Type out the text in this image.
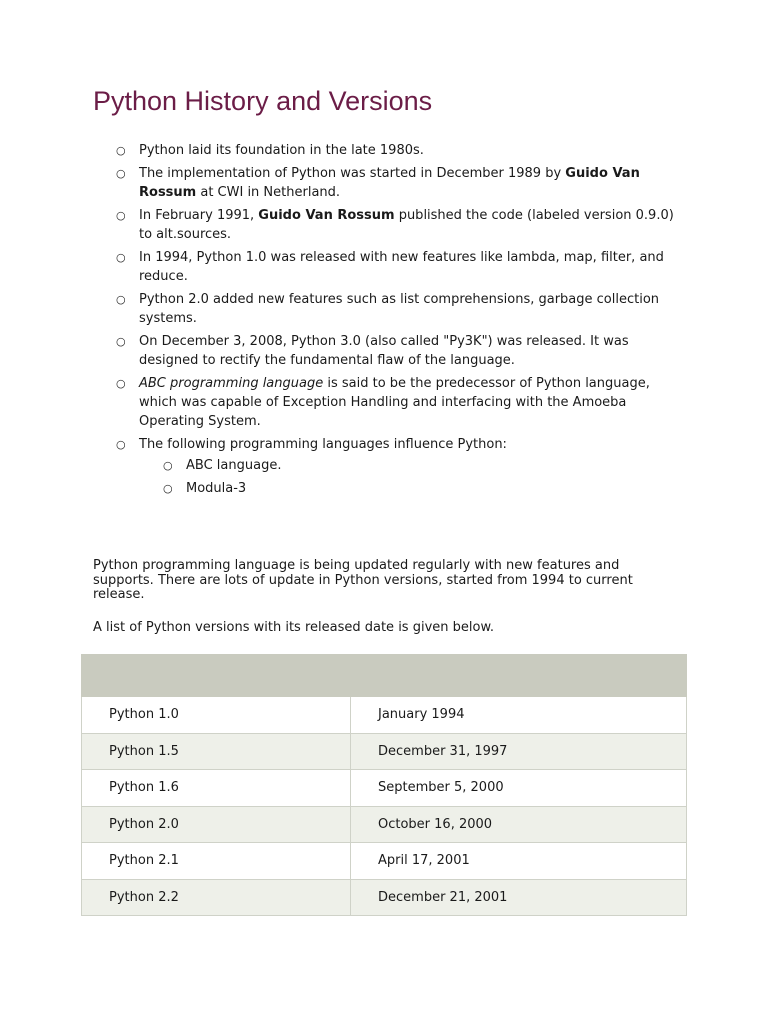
Python History and Versions
○ Python laid its foundation in the late 1980s.
○ The implementation of Python was started in December 1989 by Guido Van Rossum at CWI in Netherland.
○ In February 1991, Guido Van Rossum published the code (labeled version 0.9.0) to alt.sources.
○ In 1994, Python 1.0 was released with new features like lambda, map, filter, and reduce.
○ Python 2.0 added new features such as list comprehensions, garbage collection systems.
○ On December 3, 2008, Python 3.0 (also called "Py3K") was released. It was designed to rectify the fundamental flaw of the language.
○ ABC programming language is said to be the predecessor of Python language, which was capable of Exception Handling and interfacing with the Amoeba Operating System.
○ The following programming languages influence Python:
○ ABC language.
○ Modula-3

Python programming language is being updated regularly with new features and supports. There are lots of update in Python versions, started from 1994 to current release.

A list of Python versions with its released date is given below.

Python 1.0	January 1994
Python 1.5	December 31, 1997
Python 1.6	September 5, 2000
Python 2.0	October 16, 2000
Python 2.1	April 17, 2001
Python 2.2	December 21, 2001
